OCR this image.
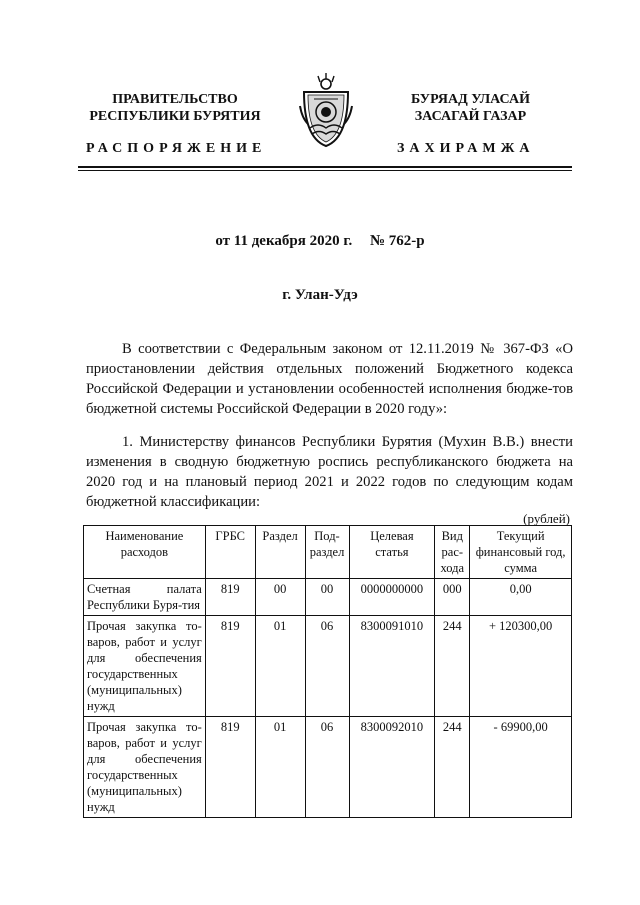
ПРАВИТЕЛЬСТВО
РЕСПУБЛИКИ БУРЯТИЯ
БУРЯАД УЛАСАЙ
ЗАСАГАЙ ГАЗАР
РАСПОРЯЖЕНИЕ	ЗАХИРАМЖА
от 11 декабря 2020 г. № 762-р
г. Улан-Удэ

В соответствии с Федеральным законом от 12.11.2019 № 367-ФЗ «О приостановлении действия отдельных положений Бюджетного кодекса Российской Федерации и установлении особенностей исполнения бюдже-тов бюджетной системы Российской Федерации в 2020 году»:

1. Министерству финансов Республики Бурятия (Мухин В.В.) внести изменения в сводную бюджетную роспись республиканского бюджета на 2020 год и на плановый период 2021 и 2022 годов по следующим кодам бюджетной классификации:

(рублей)
Наименование расходов	ГРБС	Раздел	Под-раздел	Целевая статья	Вид рас-хода	Текущий финансовый год, сумма
Счетная палата Республики Буря-тия	819	00	00	0000000000	000	0,00
Прочая закупка то-варов, работ и услуг для обеспечения государственных (муниципальных) нужд	819	01	06	8300091010	244	+ 120300,00
Прочая закупка то-варов, работ и услуг для обеспечения государственных (муниципальных) нужд	819	01	06	8300092010	244	- 69900,00
